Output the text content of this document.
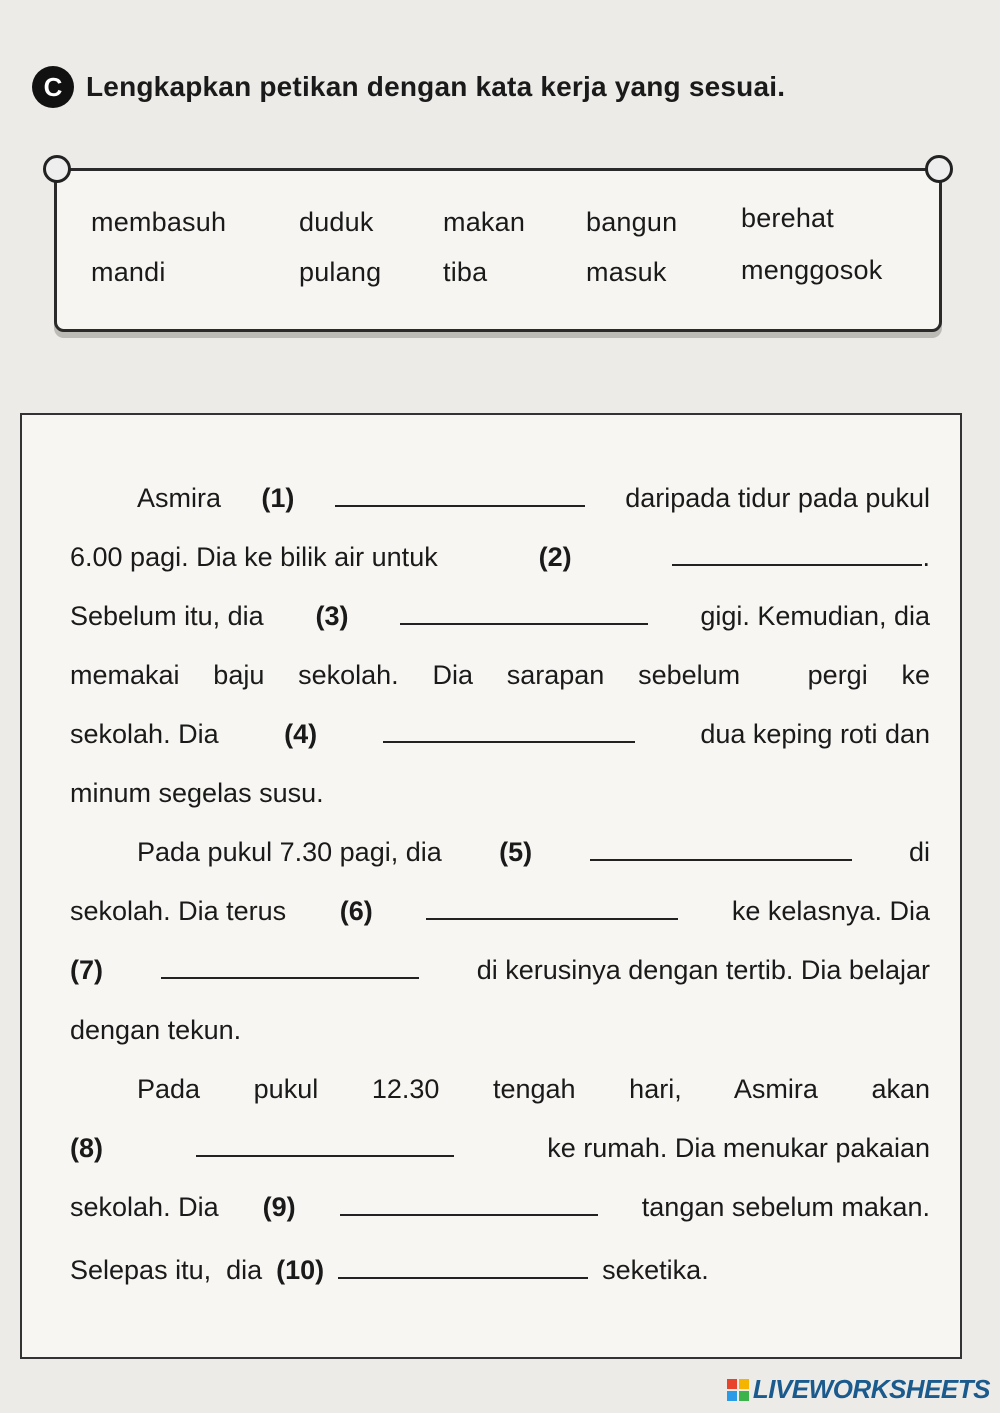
C Lengkapkan petikan dengan kata kerja yang sesuai.
membasuh	duduk	makan bangun berehat
mandi	pulang tiba	masuk	menggosok
Asmira (1)	daripada tidur pada pukul
6.00 pagi. Dia ke bilik air untuk	(2)	.
Sebelum itu, dia (3)	gigi. Kemudian, dia
memakai baju sekolah. Dia sarapan sebelum  pergi ke
sekolah. Dia (4)	dua keping roti dan
minum segelas susu.
Pada pukul 7.30 pagi, dia (5)	di
sekolah. Dia terus (6)	ke kelasnya. Dia
(7)	di kerusinya dengan tertib. Dia belajar
dengan tekun.
Pada pukul 12.30 tengah hari, Asmira akan
(8)	ke rumah. Dia menukar pakaian
sekolah. Dia (9)	tangan sebelum makan.
Selepas itu,  dia (10)	seketika.
LIVEWORKSHEETS
